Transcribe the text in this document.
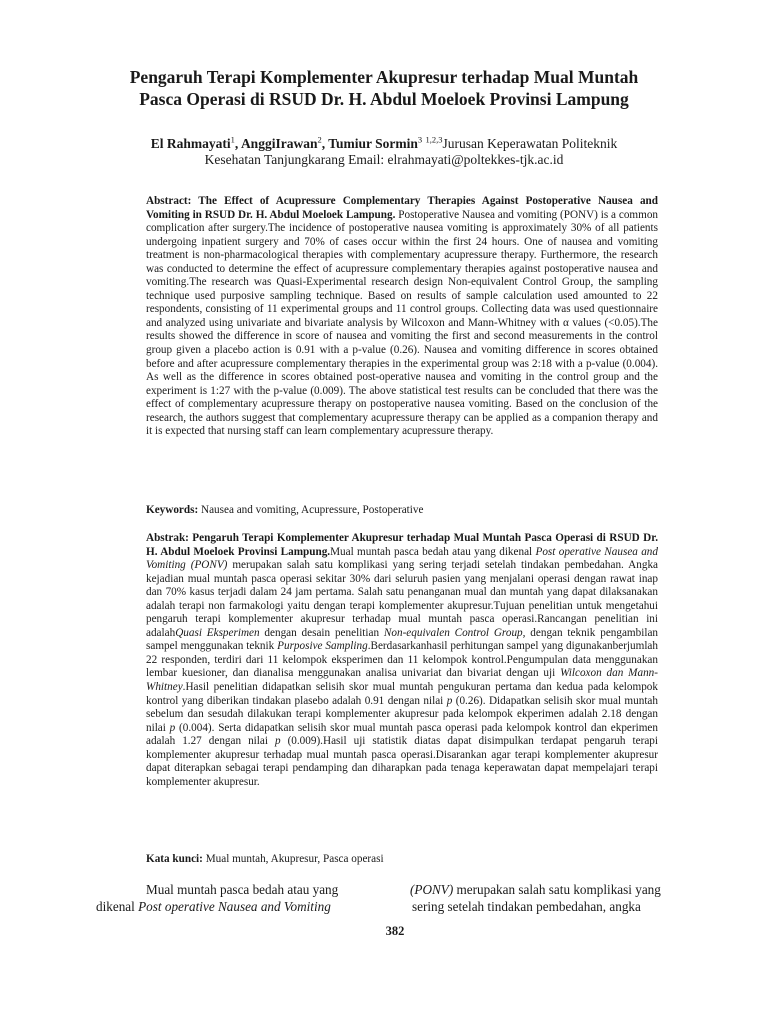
Pengaruh Terapi Komplementer Akupresur terhadap Mual Muntah
Pasca Operasi di RSUD Dr. H. Abdul Moeloek Provinsi Lampung
El Rahmayati$^1$, AnggiIrawan$^2$, Tumiur Sormin$^3$ $^{1,2,3}$Jurusan Keperawatan Politeknik
Kesehatan Tanjungkarang Email: elrahmayati@poltekkes-tjk.ac.id
Abstract: The Effect of Acupressure Complementary Therapies Against Postoperative Nausea and Vomiting in RSUD Dr. H. Abdul Moeloek Lampung. Postoperative Nausea and vomiting (PONV) is a common complication after surgery.The incidence of postoperative nausea vomiting is approximately 30% of all patients undergoing inpatient surgery and 70% of cases occur within the first 24 hours. One of nausea and vomiting treatment is non-pharmacological therapies with complementary acupressure therapy. Furthermore, the research was conducted to determine the effect of acupressure complementary therapies against postoperative nausea and vomiting.The research was Quasi-Experimental research design Non-equivalent Control Group, the sampling technique used purposive sampling technique. Based on results of sample calculation used amounted to 22 respondents, consisting of 11 experimental groups and 11 control groups. Collecting data was used questionnaire and analyzed using univariate and bivariate analysis by Wilcoxon and Mann-Whitney with α values (<0.05).The results showed the difference in score of nausea and vomiting the first and second measurements in the control group given a placebo action is 0.91 with a p-value (0.26). Nausea and vomiting difference in scores obtained before and after acupressure complementary therapies in the experimental group was 2:18 with a p-value (0.004). As well as the difference in scores obtained post-operative nausea and vomiting in the control group and the experiment is 1:27 with the p-value (0.009). The above statistical test results can be concluded that there was the effect of complementary acupressure therapy on postoperative nausea vomiting. Based on the conclusion of the research, the authors suggest that complementary acupressure therapy can be applied as a companion therapy and it is expected that nursing staff can learn complementary acupressure therapy.
Keywords: Nausea and vomiting, Acupressure, Postoperative
Abstrak: Pengaruh Terapi Komplementer Akupresur terhadap Mual Muntah Pasca Operasi di RSUD Dr. H. Abdul Moeloek Provinsi Lampung.Mual muntah pasca bedah atau yang dikenal Post operative Nausea and Vomiting (PONV) merupakan salah satu komplikasi yang sering terjadi setelah tindakan pembedahan. Angka kejadian mual muntah pasca operasi sekitar 30% dari seluruh pasien yang menjalani operasi dengan rawat inap dan 70% kasus terjadi dalam 24 jam pertama. Salah satu penanganan mual dan muntah yang dapat dilaksanakan adalah terapi non farmakologi yaitu dengan terapi komplementer akupresur.Tujuan penelitian untuk mengetahui pengaruh terapi komplementer akupresur terhadap mual muntah pasca operasi.Rancangan penelitian ini adalahQuasi Eksperimen dengan desain penelitian Non-equivalen Control Group, dengan teknik pengambilan sampel menggunakan teknik Purposive Sampling.Berdasarkanhasil perhitungan sampel yang digunakanberjumlah 22 responden, terdiri dari 11 kelompok eksperimen dan 11 kelompok kontrol.Pengumpulan data menggunakan lembar kuesioner, dan dianalisa menggunakan analisa univariat dan bivariat dengan uji Wilcoxon dan Mann-Whitney.Hasil penelitian didapatkan selisih skor mual muntah pengukuran pertama dan kedua pada kelompok kontrol yang diberikan tindakan plasebo adalah 0.91 dengan nilai p (0.26). Didapatkan selisih skor mual muntah sebelum dan sesudah dilakukan terapi komplementer akupresur pada kelompok ekperimen adalah 2.18 dengan nilai p (0.004). Serta didapatkan selisih skor mual muntah pasca operasi pada kelompok kontrol dan ekperimen adalah 1.27 dengan nilai p (0.009).Hasil uji statistik diatas dapat disimpulkan terdapat pengaruh terapi komplementer akupresur terhadap mual muntah pasca operasi.Disarankan agar terapi komplementer akupresur dapat diterapkan sebagai terapi pendamping dan diharapkan pada tenaga keperawatan dapat mempelajari terapi komplementer akupresur.
Kata kunci: Mual muntah, Akupresur, Pasca operasi
Mual muntah pasca bedah atau yang
dikenal Post operative Nausea and Vomiting
(PONV) merupakan salah satu komplikasi yang
sering setelah tindakan pembedahan, angka
382
